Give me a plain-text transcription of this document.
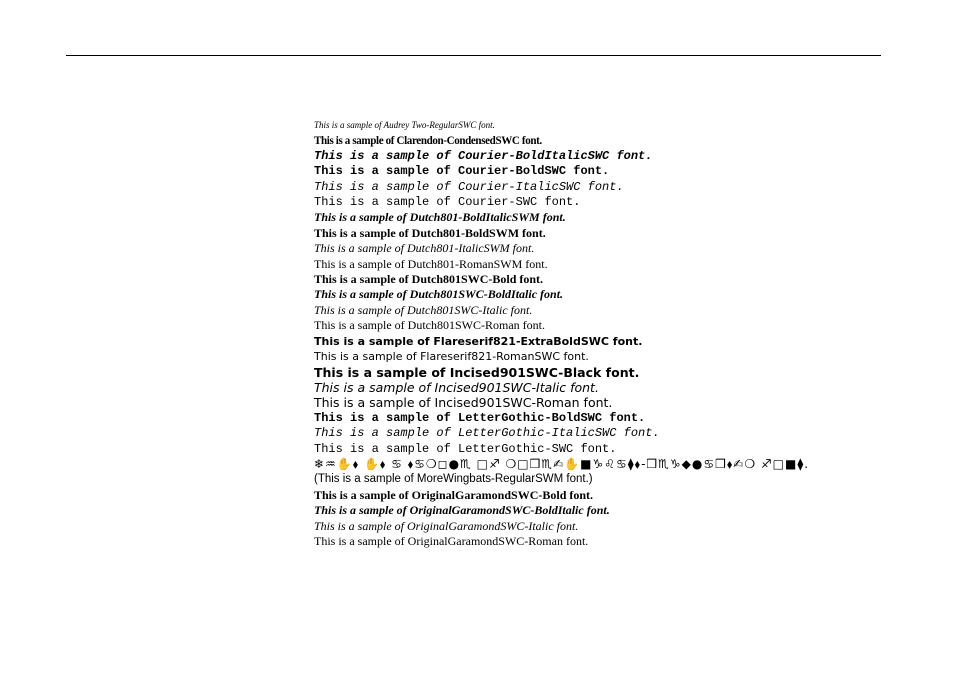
This is a sample of Audrey Two-RegularSWC font.
This is a sample of Clarendon-CondensedSWC font.
This is a sample of Courier-BoldItalicSWC font.
This is a sample of Courier-BoldSWC font.
This is a sample of Courier-ItalicSWC font.
This is a sample of Courier-SWC font.
This is a sample of Dutch801-BoldItalicSWM font.
This is a sample of Dutch801-BoldSWM font.
This is a sample of Dutch801-ItalicSWM font.
This is a sample of Dutch801-RomanSWM font.
This is a sample of Dutch801SWC-Bold font.
This is a sample of Dutch801SWC-BoldItalic font.
This is a sample of Dutch801SWC-Italic font.
This is a sample of Dutch801SWC-Roman font.
This is a sample of Flareserif821-ExtraBoldSWC font.
This is a sample of Flareserif821-RomanSWC font.
This is a sample of Incised901SWC-Black font.
This is a sample of Incised901SWC-Italic font.
This is a sample of Incised901SWC-Roman font.
This is a sample of LetterGothic-BoldSWC font.
This is a sample of LetterGothic-ItalicSWC font.
This is a sample of LetterGothic-SWC font.
❄♒✋⬧ ✋⬧ ♋ ⬧♋❍◻●♏ □♐ ❍□❒♏✍✋■♑♌♋⧫⬧-❒♏♑◆●♋❒⬧✍❍ ♐□■⧫.
(This is a sample of MoreWingbats-RegularSWM font.)
This is a sample of OriginalGaramondSWC-Bold font.
This is a sample of OriginalGaramondSWC-BoldItalic font.
This is a sample of OriginalGaramondSWC-Italic font.
This is a sample of OriginalGaramondSWC-Roman font.
